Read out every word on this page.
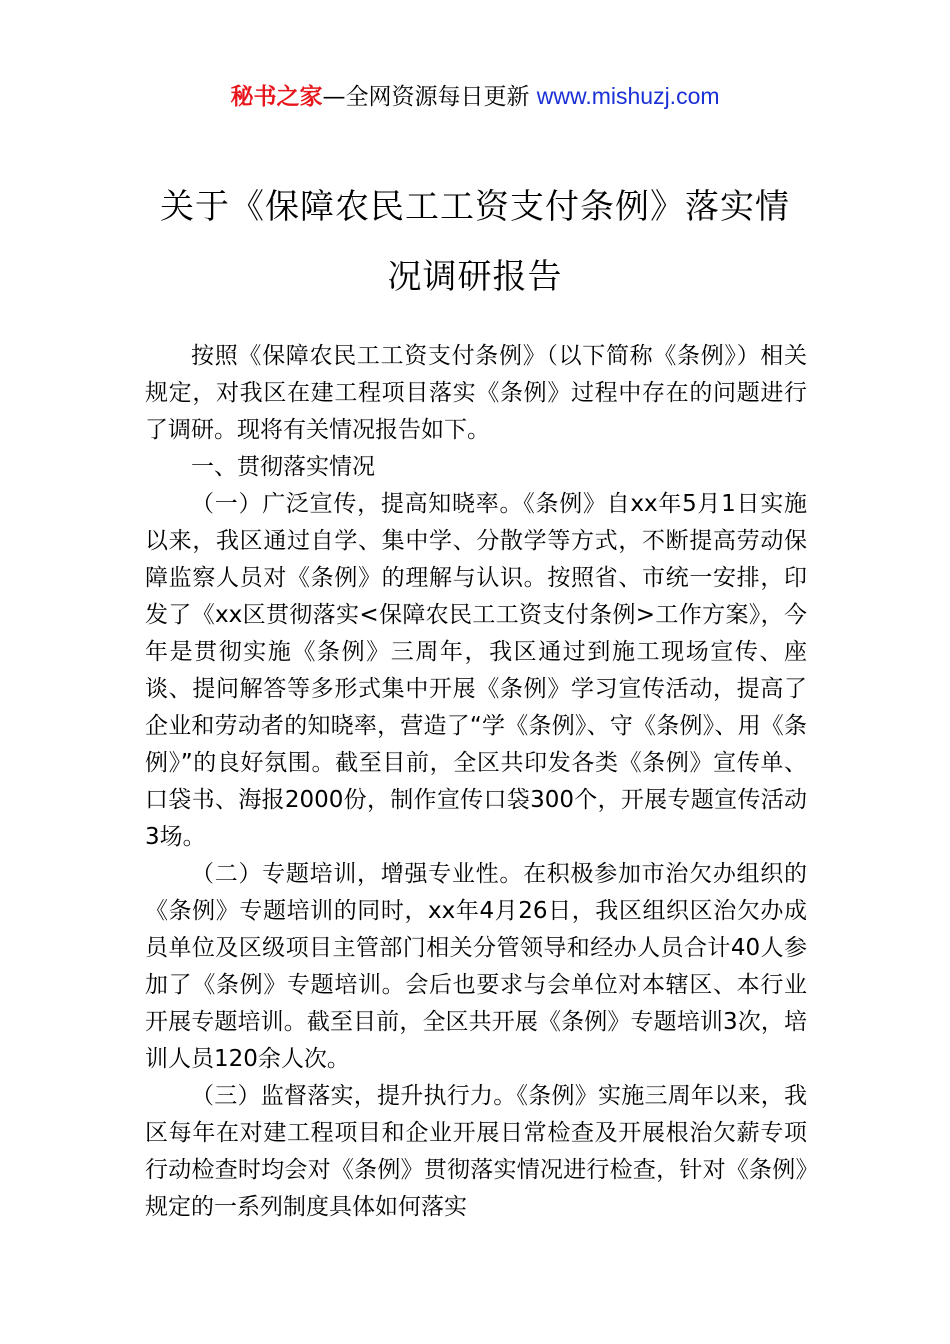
秘书之家—全网资源每日更新 www.mishuzj.com
关于《保障农民工工资支付条例》落实情
况调研报告

按照《保障农民工工资支付条例》（以下简称《条例》）相关规定，对我区在建工程项目落实《条例》过程中存在的问题进行了调研。现将有关情况报告如下。

一、贯彻落实情况

（一）广泛宣传，提高知晓率。《条例》自xx年5月1日实施以来，我区通过自学、集中学、分散学等方式，不断提高劳动保障监察人员对《条例》的理解与认识。按照省、市统一安排，印发了《xx区贯彻落实<保障农民工工资支付条例>工作方案》，今年是贯彻实施《条例》三周年，我区通过到施工现场宣传、座谈、提问解答等多形式集中开展《条例》学习宣传活动，提高了企业和劳动者的知晓率，营造了“学《条例》、守《条例》、用《条例》”的良好氛围。截至目前，全区共印发各类《条例》宣传单、口袋书、海报2000份，制作宣传口袋300个，开展专题宣传活动3场。

（二）专题培训，增强专业性。在积极参加市治欠办组织的《条例》专题培训的同时，xx年4月26日，我区组织区治欠办成员单位及区级项目主管部门相关分管领导和经办人员合计40人参加了《条例》专题培训。会后也要求与会单位对本辖区、本行业开展专题培训。截至目前，全区共开展《条例》专题培训3次，培训人员120余人次。

（三）监督落实，提升执行力。《条例》实施三周年以来，我区每年在对建工程项目和企业开展日常检查及开展根治欠薪专项行动检查时均会对《条例》贯彻落实情况进行检查，针对《条例》规定的一系列制度具体如何落实
